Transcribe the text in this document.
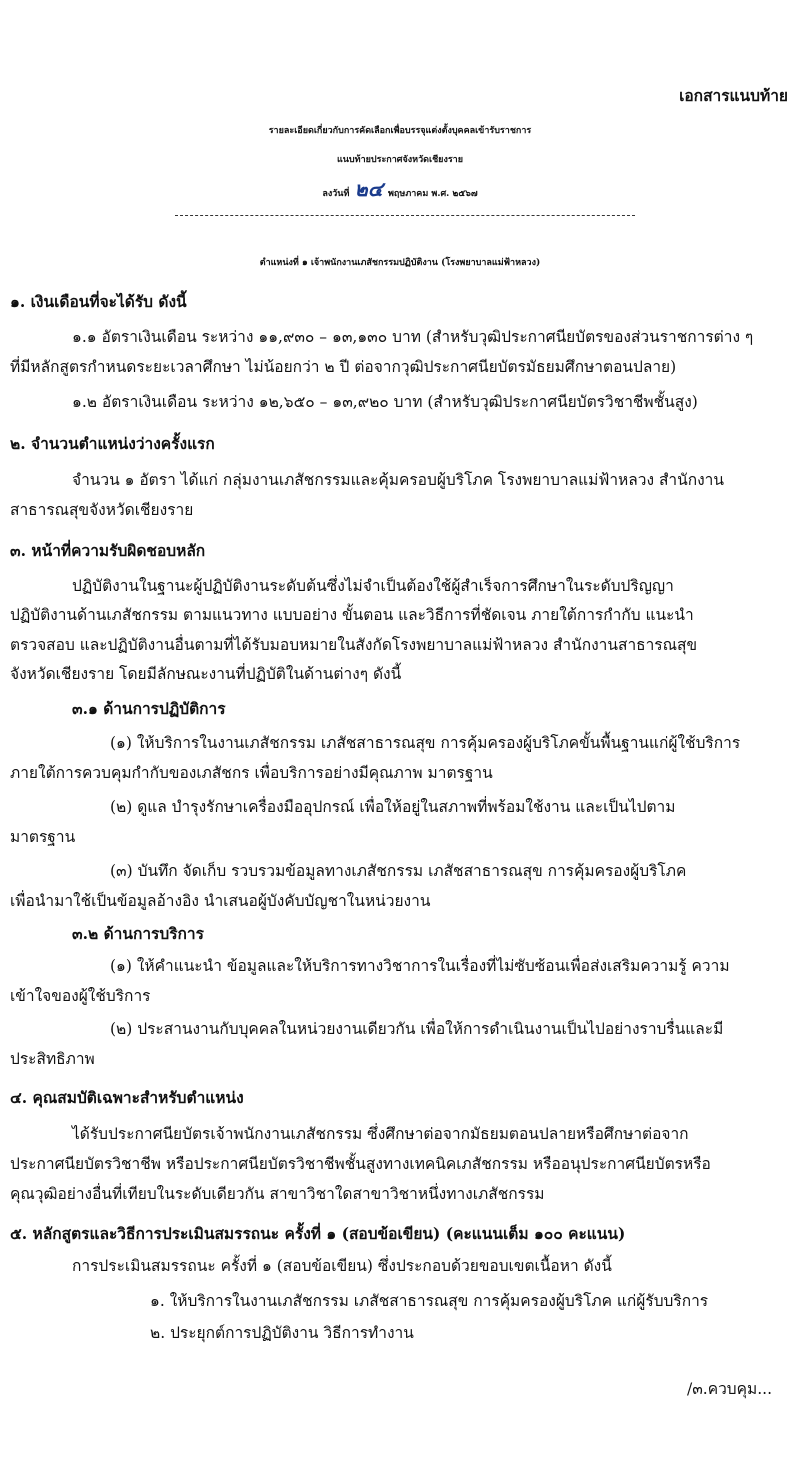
เอกสารแนบท้าย
รายละเอียดเกี่ยวกับการคัดเลือกเพื่อบรรจุแต่งตั้งบุคคลเข้ารับราชการ
แนบท้ายประกาศจังหวัดเชียงราย
ลงวันที่ ๒๔ พฤษภาคม พ.ศ. ๒๕๖๗
ตำแหน่งที่ ๑ เจ้าพนักงานเภสัชกรรมปฏิบัติงาน (โรงพยาบาลแม่ฟ้าหลวง)
๑. เงินเดือนที่จะได้รับ ดังนี้
๑.๑ อัตราเงินเดือน ระหว่าง ๑๑,๙๓๐ – ๑๓,๑๓๐ บาท (สำหรับวุฒิประกาศนียบัตรของส่วนราชการต่าง ๆ
ที่มีหลักสูตรกำหนดระยะเวลาศึกษา ไม่น้อยกว่า ๒ ปี ต่อจากวุฒิประกาศนียบัตรมัธยมศึกษาตอนปลาย)
๑.๒ อัตราเงินเดือน ระหว่าง ๑๒,๖๕๐ – ๑๓,๙๒๐ บาท (สำหรับวุฒิประกาศนียบัตรวิชาชีพชั้นสูง)
๒. จำนวนตำแหน่งว่างครั้งแรก
จำนวน ๑ อัตรา ได้แก่ กลุ่มงานเภสัชกรรมและคุ้มครอบผู้บริโภค โรงพยาบาลแม่ฟ้าหลวง สำนักงาน
สาธารณสุขจังหวัดเชียงราย
๓. หน้าที่ความรับผิดชอบหลัก
ปฏิบัติงานในฐานะผู้ปฏิบัติงานระดับต้นซึ่งไม่จำเป็นต้องใช้ผู้สำเร็จการศึกษาในระดับปริญญา
ปฏิบัติงานด้านเภสัชกรรม ตามแนวทาง แบบอย่าง ขั้นตอน และวิธีการที่ชัดเจน ภายใต้การกำกับ แนะนำ
ตรวจสอบ และปฏิบัติงานอื่นตามที่ได้รับมอบหมายในสังกัดโรงพยาบาลแม่ฟ้าหลวง สำนักงานสาธารณสุข
จังหวัดเชียงราย โดยมีลักษณะงานที่ปฏิบัติในด้านต่างๆ ดังนี้
๓.๑ ด้านการปฏิบัติการ
(๑) ให้บริการในงานเภสัชกรรม เภสัชสาธารณสุข การคุ้มครองผู้บริโภคขั้นพื้นฐานแก่ผู้ใช้บริการ
ภายใต้การควบคุมกำกับของเภสัชกร เพื่อบริการอย่างมีคุณภาพ มาตรฐาน
(๒) ดูแล บำรุงรักษาเครื่องมืออุปกรณ์ เพื่อให้อยู่ในสภาพที่พร้อมใช้งาน และเป็นไปตาม
มาตรฐาน
(๓) บันทึก จัดเก็บ รวบรวมข้อมูลทางเภสัชกรรม เภสัชสาธารณสุข การคุ้มครองผู้บริโภค
เพื่อนำมาใช้เป็นข้อมูลอ้างอิง นำเสนอผู้บังคับบัญชาในหน่วยงาน
๓.๒ ด้านการบริการ
(๑) ให้คำแนะนำ ข้อมูลและให้บริการทางวิชาการในเรื่องที่ไม่ซับซ้อนเพื่อส่งเสริมความรู้ ความ
เข้าใจของผู้ใช้บริการ
(๒) ประสานงานกับบุคคลในหน่วยงานเดียวกัน เพื่อให้การดำเนินงานเป็นไปอย่างราบรื่นและมี
ประสิทธิภาพ
๔. คุณสมบัติเฉพาะสำหรับตำแหน่ง
ได้รับประกาศนียบัตรเจ้าพนักงานเภสัชกรรม ซึ่งศึกษาต่อจากมัธยมตอนปลายหรือศึกษาต่อจาก
ประกาศนียบัตรวิชาชีพ หรือประกาศนียบัตรวิชาชีพชั้นสูงทางเทคนิคเภสัชกรรม หรืออนุประกาศนียบัตรหรือ
คุณวุฒิอย่างอื่นที่เทียบในระดับเดียวกัน สาขาวิชาใดสาขาวิชาหนึ่งทางเภสัชกรรม
๕. หลักสูตรและวิธีการประเมินสมรรถนะ ครั้งที่ ๑ (สอบข้อเขียน) (คะแนนเต็ม ๑๐๐ คะแนน)
การประเมินสมรรถนะ ครั้งที่ ๑ (สอบข้อเขียน) ซึ่งประกอบด้วยขอบเขตเนื้อหา ดังนี้
๑. ให้บริการในงานเภสัชกรรม เภสัชสาธารณสุข การคุ้มครองผู้บริโภค แก่ผู้รับบริการ
๒. ประยุกต์การปฏิบัติงาน วิธีการทำงาน
/๓.ควบคุม...
